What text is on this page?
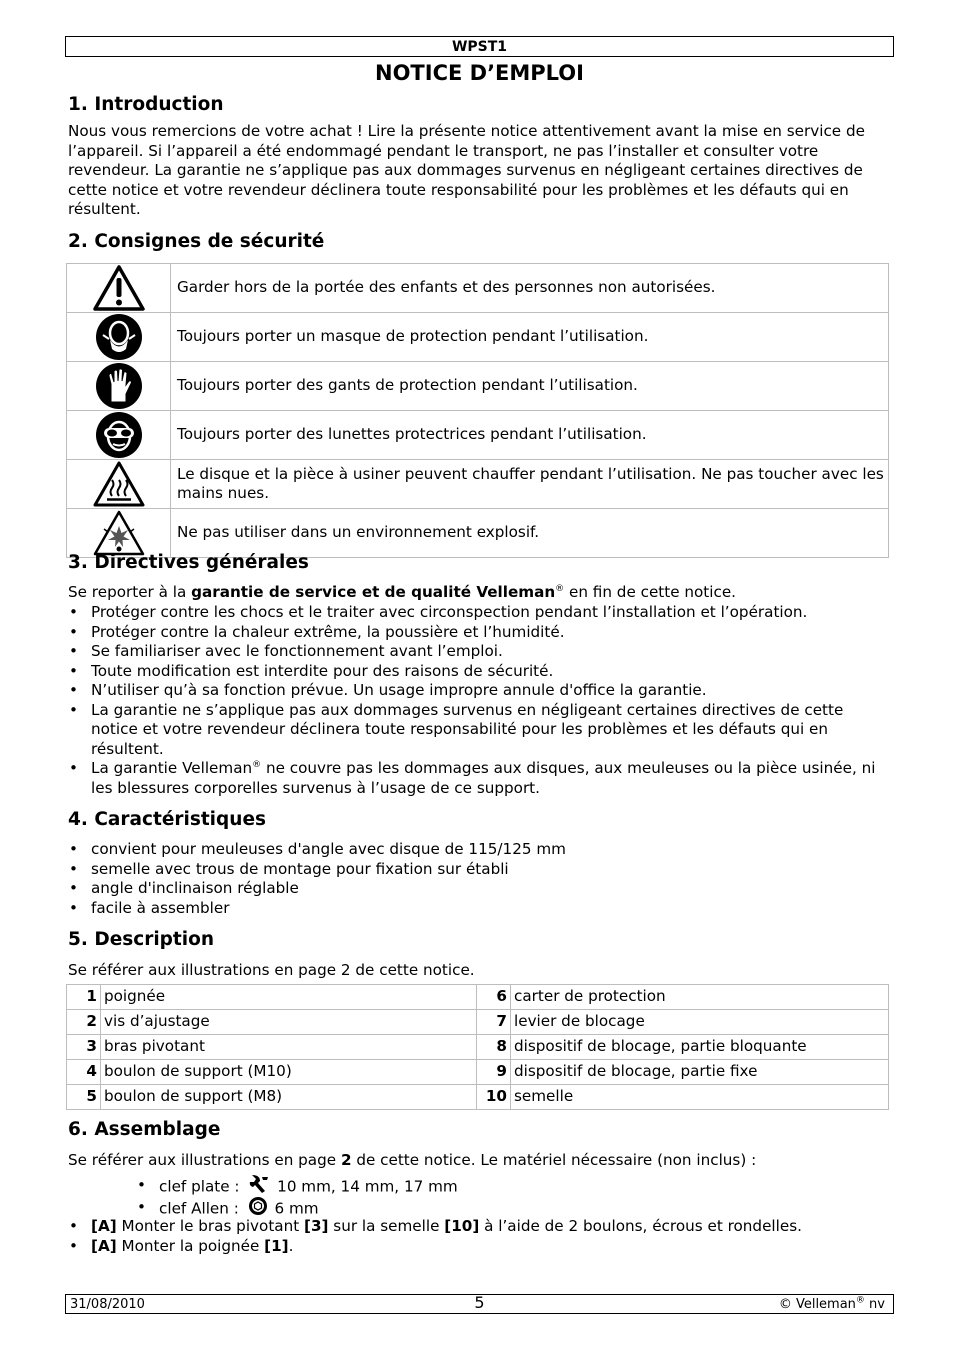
WPST1
NOTICE D’EMPLOI
1. Introduction
Nous vous remercions de votre achat ! Lire la présente notice attentivement avant la mise en service de l’appareil. Si l’appareil a été endommagé pendant le transport, ne pas l’installer et consulter votre revendeur. La garantie ne s’applique pas aux dommages survenus en négligeant certaines directives de cette notice et votre revendeur déclinera toute responsabilité pour les problèmes et les défauts qui en résultent.
2. Consignes de sécurité
	Garder hors de la portée des enfants et des personnes non autorisées.

	Toujours porter un masque de protection pendant l’utilisation.

	Toujours porter des gants de protection pendant l’utilisation.

	Toujours porter des lunettes protectrices pendant l’utilisation.

	Le disque et la pièce à usiner peuvent chauffer pendant l’utilisation. Ne pas toucher avec les mains nues.

	Ne pas utiliser dans un environnement explosif.
3. Directives générales
Se reporter à la garantie de service et de qualité Velleman® en fin de cette notice.
• Protéger contre les chocs et le traiter avec circonspection pendant l’installation et l’opération.
• Protéger contre la chaleur extrême, la poussière et l’humidité.
• Se familiariser avec le fonctionnement avant l’emploi.
• Toute modification est interdite pour des raisons de sécurité.
• N’utiliser qu’à sa fonction prévue. Un usage impropre annule d'office la garantie.
• La garantie ne s’applique pas aux dommages survenus en négligeant certaines directives de cette notice et votre revendeur déclinera toute responsabilité pour les problèmes et les défauts qui en résultent.
• La garantie Velleman® ne couvre pas les dommages aux disques, aux meuleuses ou la pièce usinée, ni les blessures corporelles survenus à l’usage de ce support.
4. Caractéristiques
• convient pour meuleuses d'angle avec disque de 115/125 mm
• semelle avec trous de montage pour fixation sur établi
• angle d'inclinaison réglable
• facile à assembler
5. Description
Se référer aux illustrations en page 2 de cette notice.
1	poignée	6	carter de protection
2	vis d’ajustage	7	levier de blocage
3	bras pivotant	8	dispositif de blocage, partie bloquante
4	boulon de support (M10)	9	dispositif de blocage, partie fixe
5	boulon de support (M8)	10	semelle
6. Assemblage
Se référer aux illustrations en page 2 de cette notice. Le matériel nécessaire (non inclus) :
• clef plate : 10 mm, 14 mm, 17 mm
• clef Allen : 6 mm
• [A] Monter le bras pivotant [3] sur la semelle [10] à l’aide de 2 boulons, écrous et rondelles.
• [A] Monter la poignée [1].
31/08/2010	5	© Velleman® nv
